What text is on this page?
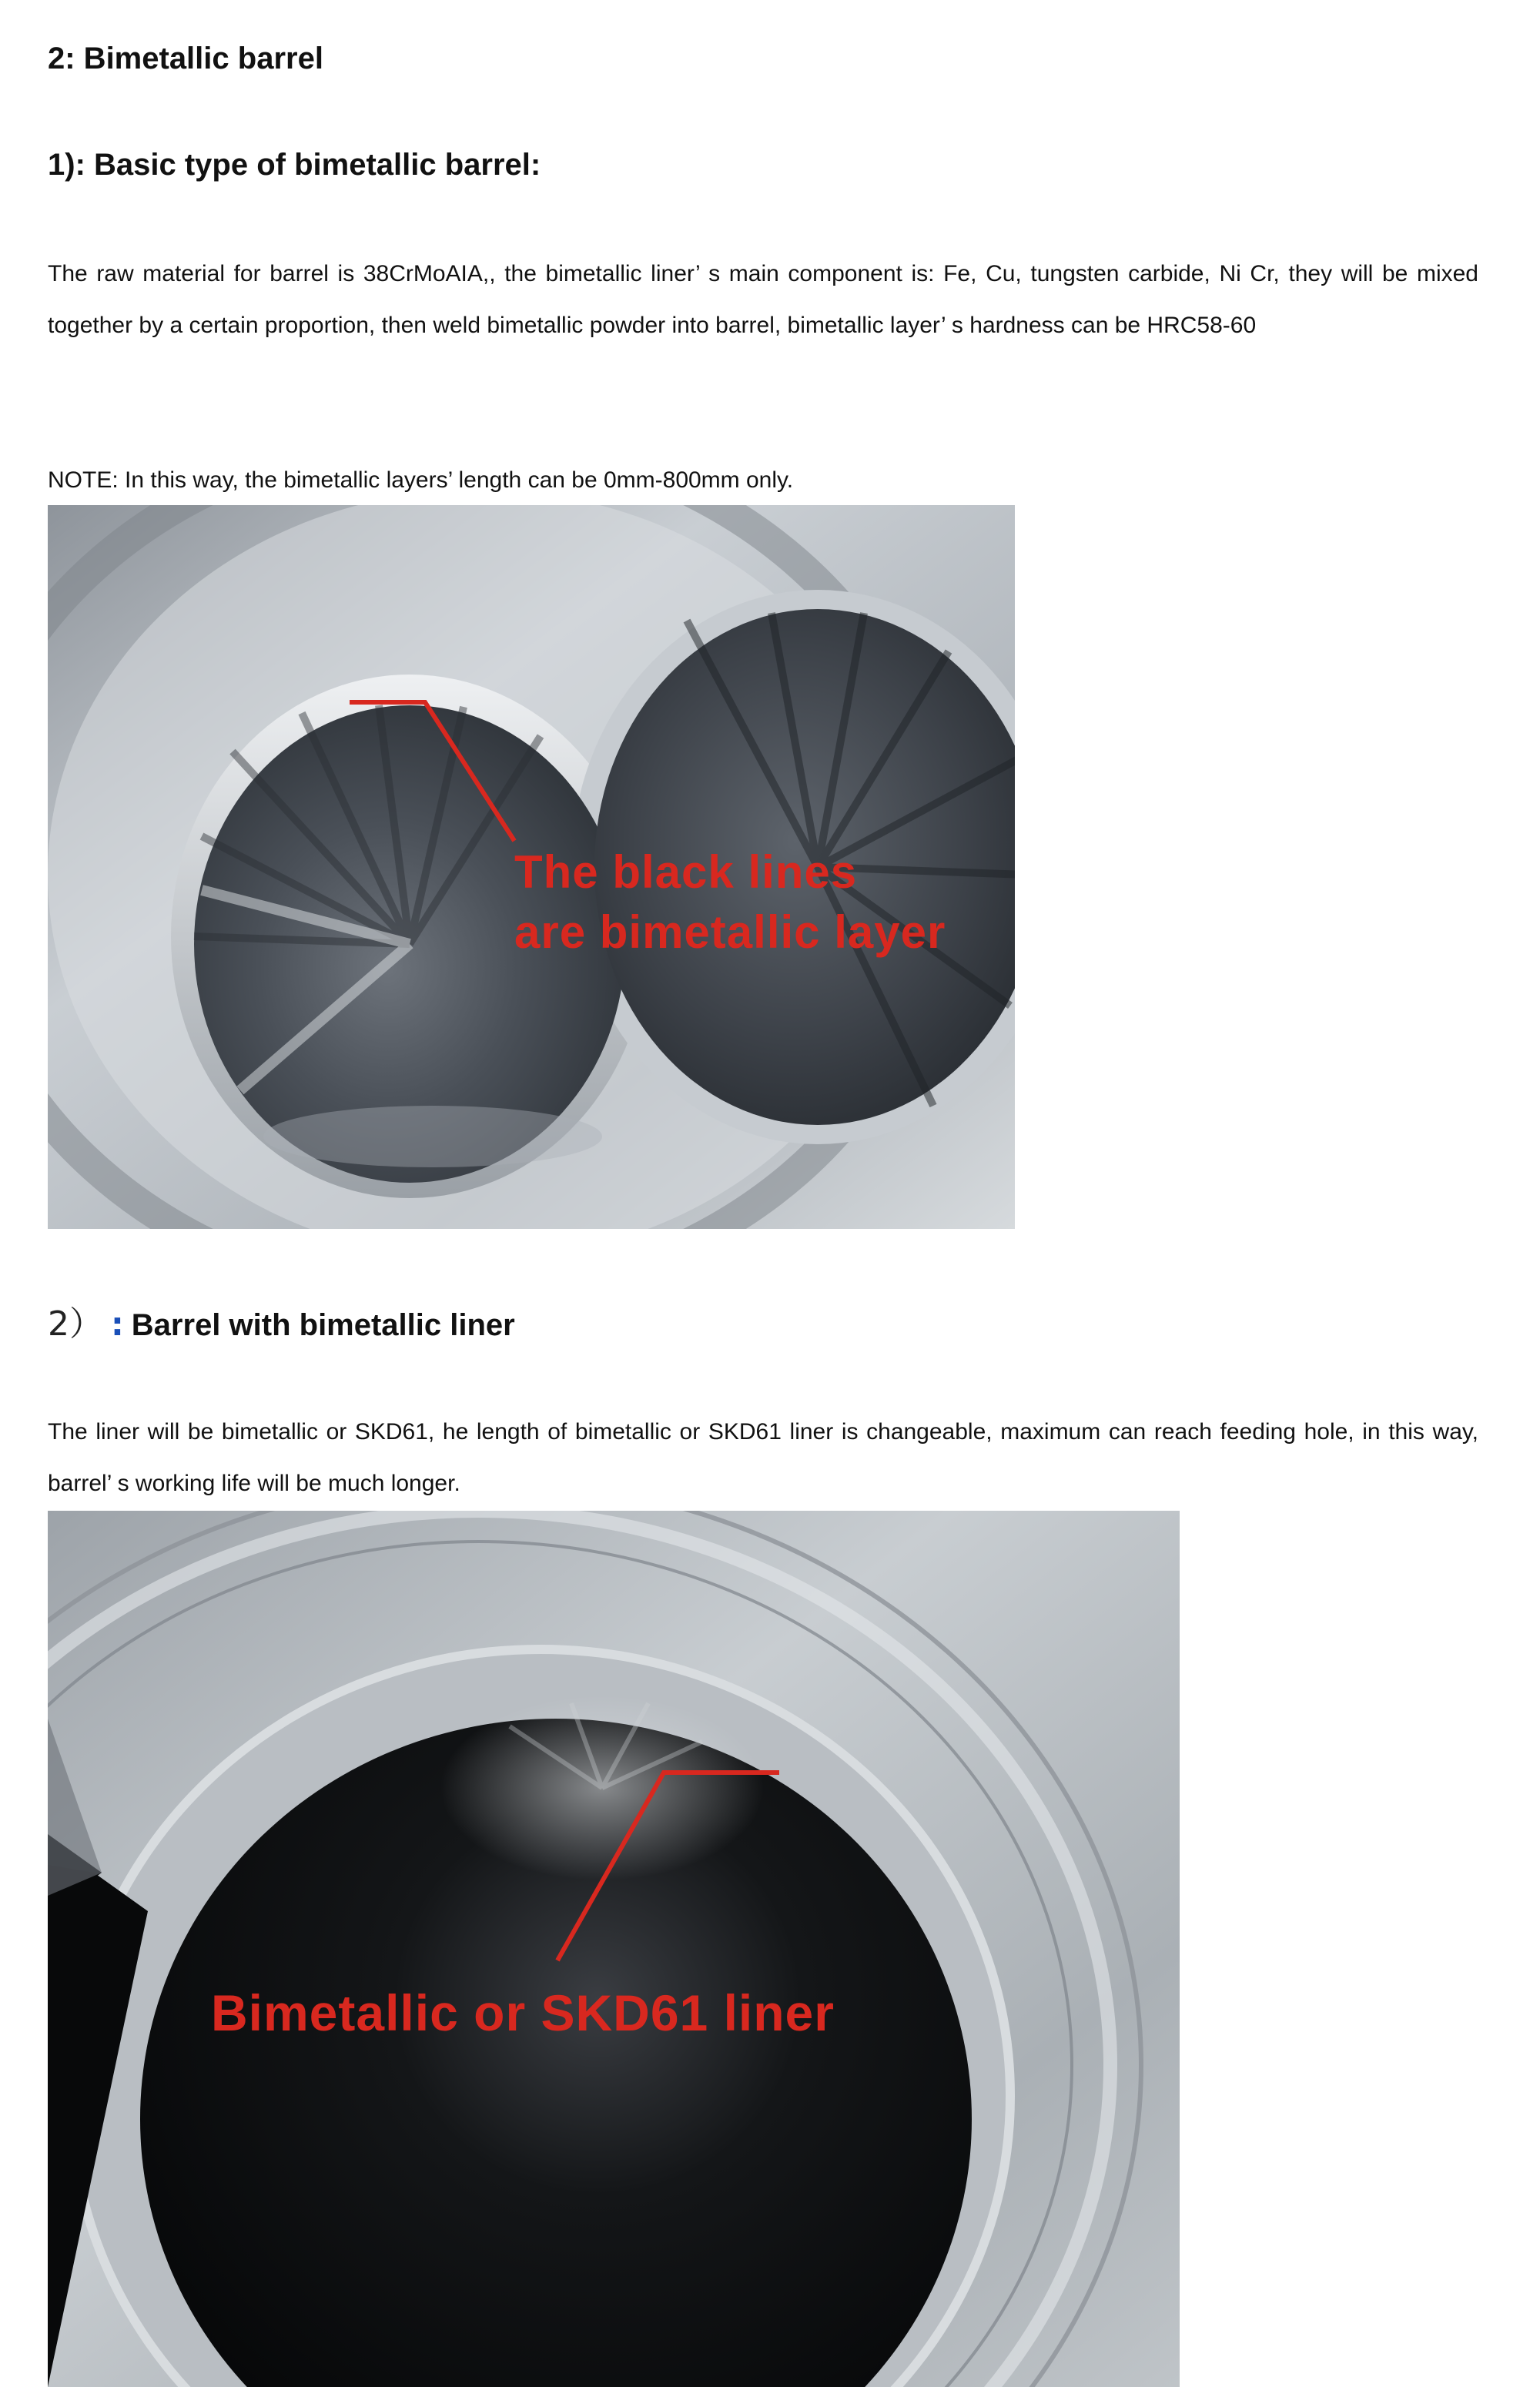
2: Bimetallic barrel
1): Basic type of bimetallic barrel:

The raw material for barrel is 38CrMoAIA,, the bimetallic liner’ s main component is: Fe, Cu, tungsten carbide, Ni Cr, they will be mixed together by a certain proportion, then weld bimetallic powder into barrel, bimetallic layer’ s hardness can be HRC58-60

NOTE: In this way, the bimetallic layers’ length can be 0mm-800mm only.

The black lines
are bimetallic layer
2） : Barrel with bimetallic liner

The liner will be bimetallic or SKD61, he length of bimetallic or SKD61 liner is changeable, maximum can reach feeding hole, in this way, barrel’ s working life will be much longer.

Bimetallic or SKD61 liner
